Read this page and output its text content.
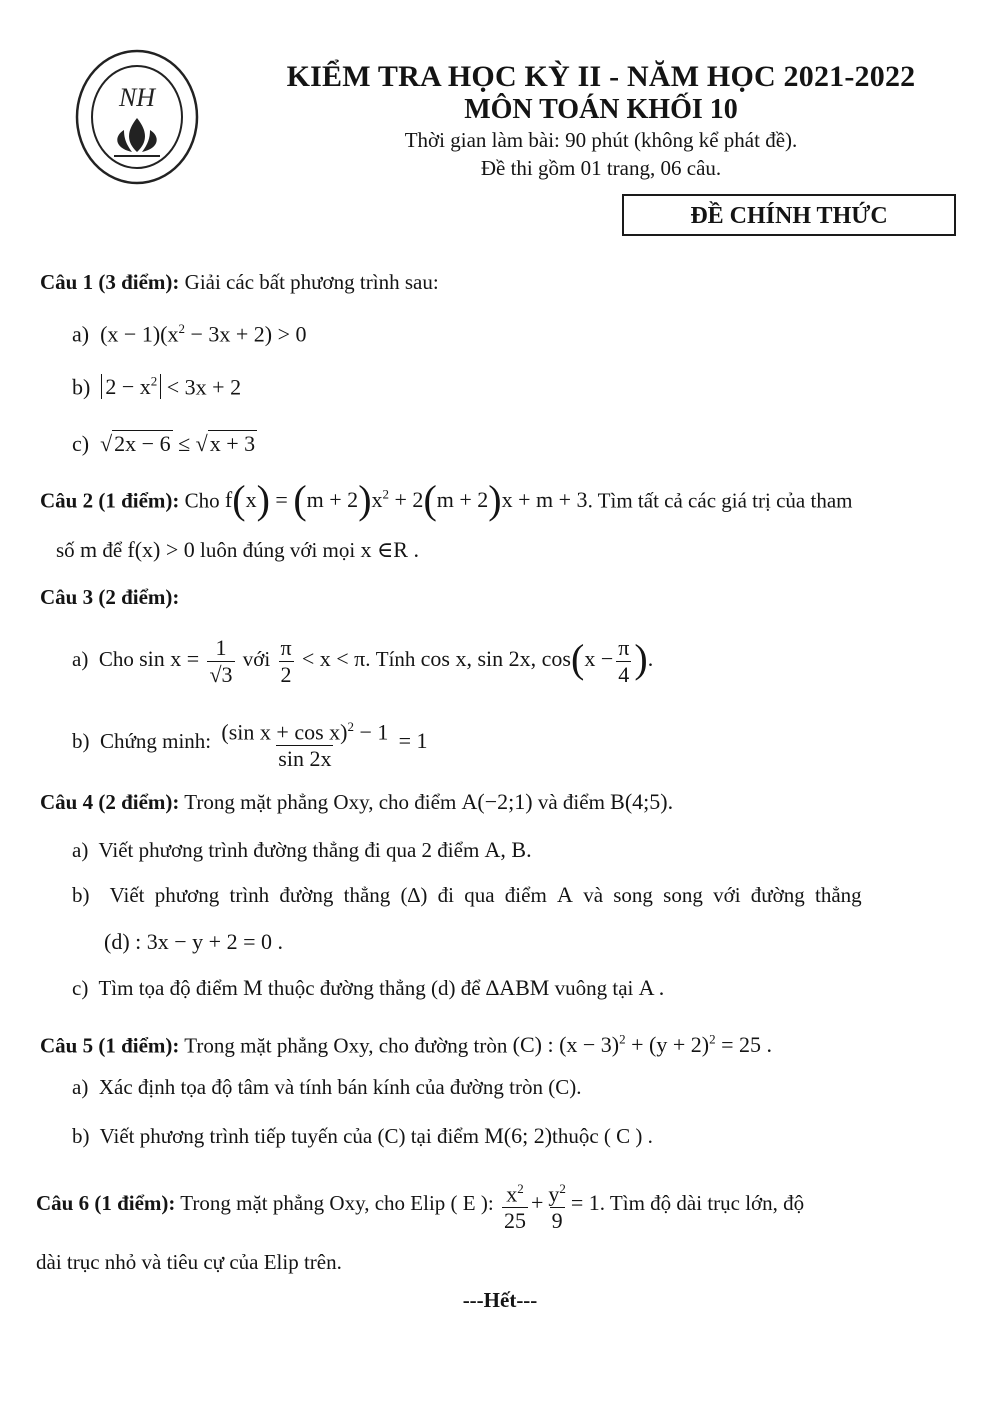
NH
KIỂM TRA HỌC KỲ II - NĂM HỌC 2021-2022
MÔN TOÁN KHỐI 10
Thời gian làm bài: 90 phút (không kể phát đề).
Đề thi gồm 01 trang, 06 câu.
ĐỀ CHÍNH THỨC
Câu 1 (3 điểm): Giải các bất phương trình sau:
a)  $(x - 1)(x^2 - 3x + 2) > 0$
b) $2 - x^2 < 3x + 2$
c)  √2x − 6 ≤ √x + 3
Câu 2 (1 điểm): Cho $f(x) = (m + 2)x^2 + 2(m + 2)x + m + 3$. Tìm tất cả các giá trị của tham
số m để f(x) > 0 luôn đúng với mọi x ∈R .
Câu 3 (2 điểm):
a) Cho $\sin x = \frac{1}{√3}$ với $\frac{\pi}{2} < x < \pi$. Tính cos x, sin 2x, $\cos(x - \frac{\pi}{4}$ ).
b) Chứng minh: $\frac{(\sin x + \cos x)^2 - 1}{\sin 2x} = 1$
Câu 4 (2 điểm): Trong mặt phẳng Oxy, cho điểm A(−2;1) và điểm B(4;5).
a) Viết phương trình đường thẳng đi qua 2 điểm A, B.
b) Viết phương trình đường thẳng (∆) đi qua điểm A và song song với đường thẳng
(d) : 3x − y + 2 = 0 .
c) Tìm tọa độ điểm M thuộc đường thẳng (d) để ∆ABM vuông tại A .
Câu 5 (1 điểm): Trong mặt phẳng Oxy, cho đường tròn (C) : $(x - 3)^2 + (y + 2)^2 = 25$ .
a) Xác định tọa độ tâm và tính bán kính của đường tròn (C).
b) Viết phương trình tiếp tuyến của (C) tại điểm M(6; 2)thuộc ( C ) .
Câu 6 (1 điểm): Trong mặt phẳng Oxy, cho Elip ( E ): $\frac{x^2}{25} + \frac{y^2}{9} = 1$. Tìm độ dài trục lớn, độ
dài trục nhỏ và tiêu cự của Elip trên.
---Hết---
